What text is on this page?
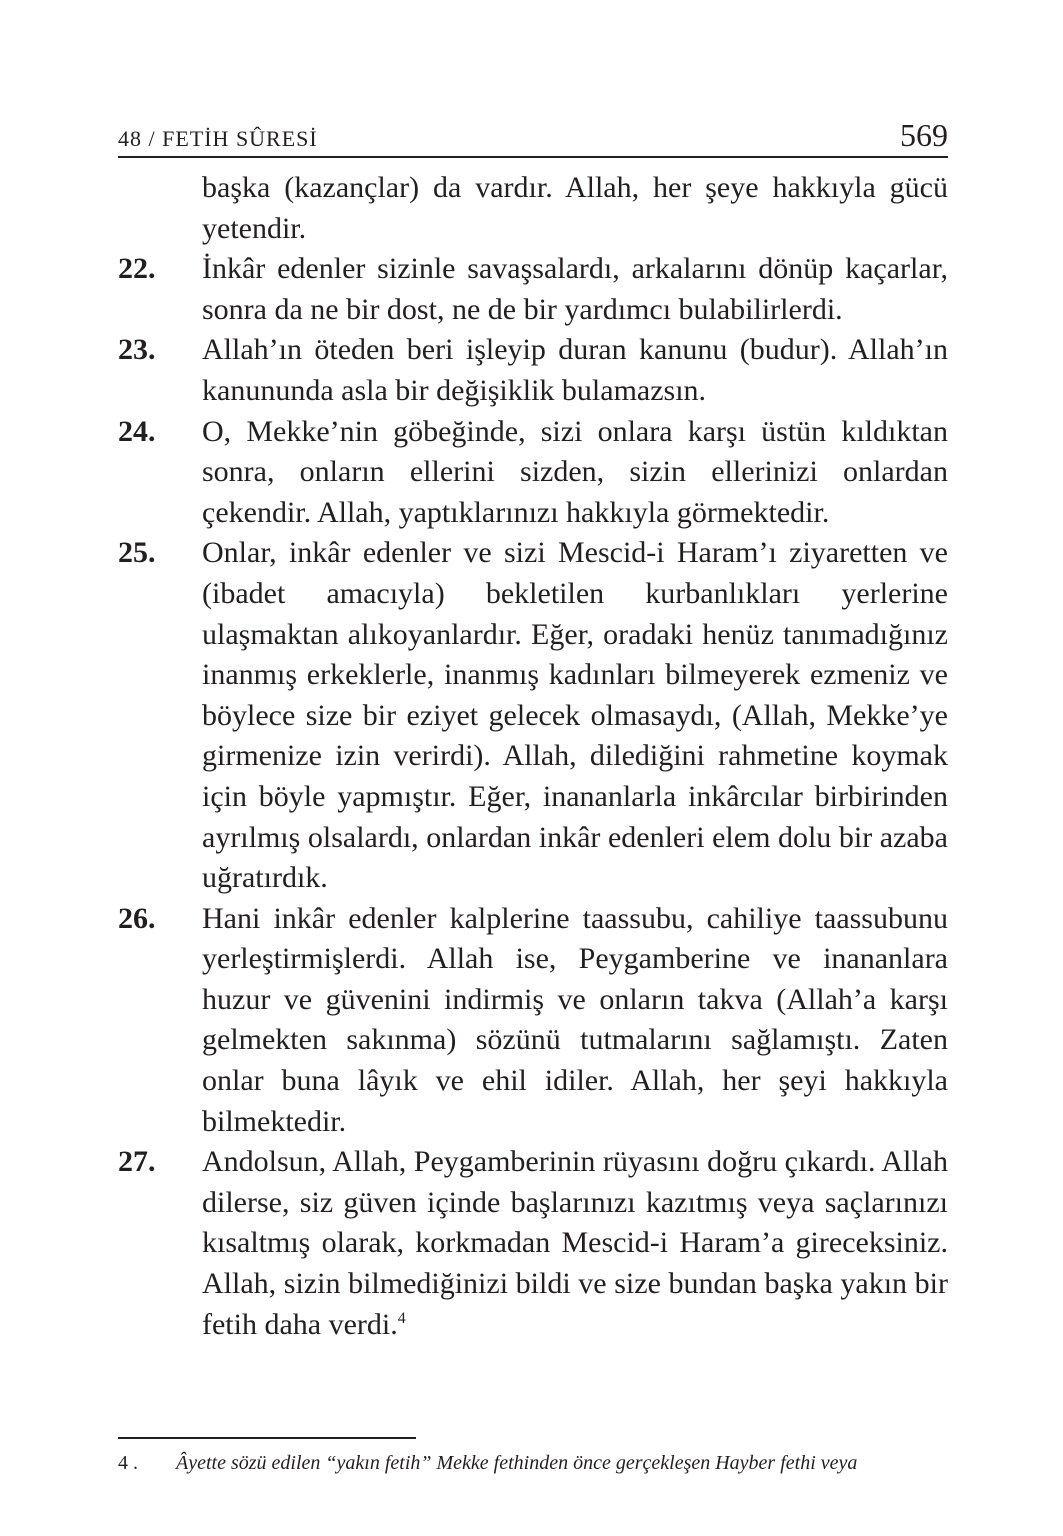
48 / FETİH SÛRESİ	569

başka (kazançlar) da vardır. Allah, her şeye hakkıyla gücü yetendir.

22. İnkâr edenler sizinle savaşsalardı, arkalarını dönüp kaçarlar, sonra da ne bir dost, ne de bir yardımcı bulabilirlerdi.

23. Allah’ın öteden beri işleyip duran kanunu (budur). Allah’ın kanununda asla bir değişiklik bulamazsın.

24. O, Mekke’nin göbeğinde, sizi onlara karşı üstün kıldıktan sonra, onların ellerini sizden, sizin ellerinizi onlardan çekendir. Allah, yaptıklarınızı hakkıyla görmektedir.

25. Onlar, inkâr edenler ve sizi Mescid-i Haram’ı ziyaretten ve (ibadet amacıyla) bekletilen kurbanlıkları yerlerine ulaşmaktan alıkoyanlardır. Eğer, oradaki henüz tanımadığınız inanmış erkeklerle, inanmış kadınları bilmeyerek ezmeniz ve böylece size bir eziyet gelecek olmasaydı, (Allah, Mekke’ye girmenize izin verirdi). Allah, dilediğini rahmetine koymak için böyle yapmıştır. Eğer, inananlarla inkârcılar birbirinden ayrılmış olsalardı, onlardan inkâr edenleri elem dolu bir azaba uğratırdık.

26. Hani inkâr edenler kalplerine taassubu, cahiliye taassubunu yerleştirmişlerdi. Allah ise, Peygamberine ve inananlara huzur ve güvenini indirmiş ve onların takva (Allah’a karşı gelmekten sakınma) sözünü tutmalarını sağlamıştı. Zaten onlar buna lâyık ve ehil idiler. Allah, her şeyi hakkıyla bilmektedir.

27. Andolsun, Allah, Peygamberinin rüyasını doğru çıkardı. Allah dilerse, siz güven içinde başlarınızı kazıtmış veya saçlarınızı kısaltmış olarak, korkmadan Mescid-i Haram’a gireceksiniz. Allah, sizin bilmediğinizi bildi ve size bundan başka yakın bir fetih daha verdi.$^4$

4 . Âyette sözü edilen “yakın fetih” Mekke fethinden önce gerçekleşen Hayber fethi veya
